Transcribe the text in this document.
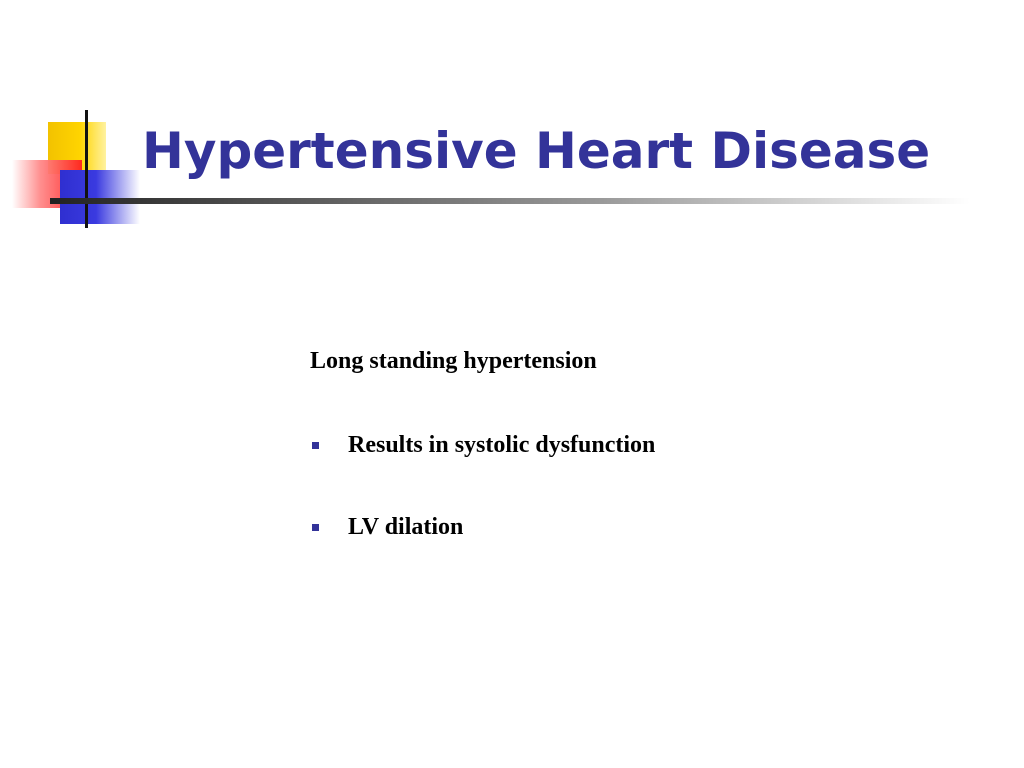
Hypertensive Heart Disease

Long standing hypertension

Results in systolic dysfunction
LV dilation
